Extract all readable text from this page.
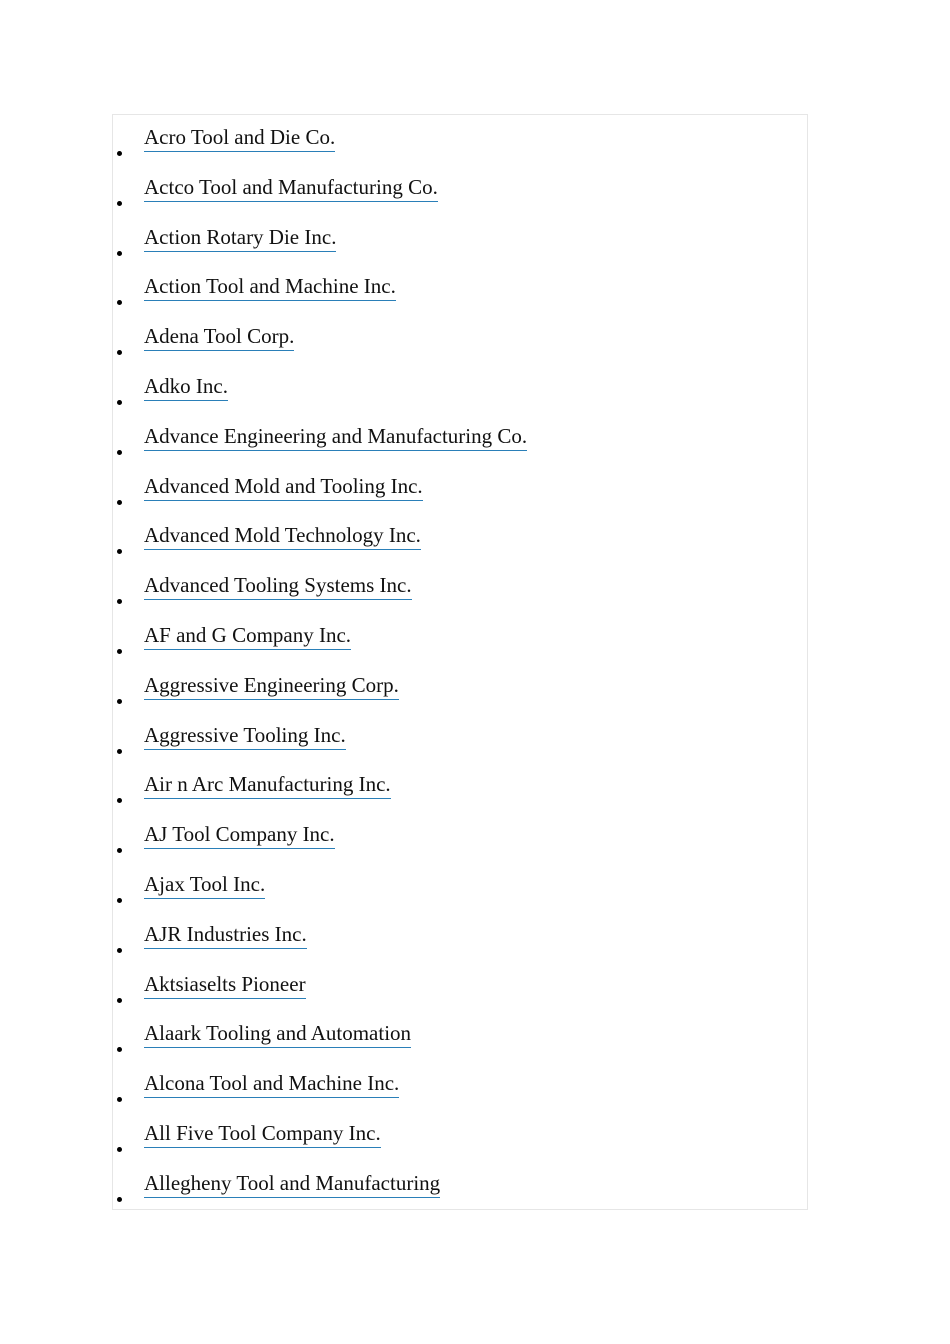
Acro Tool and Die Co.
Actco Tool and Manufacturing Co.
Action Rotary Die Inc.
Action Tool and Machine Inc.
Adena Tool Corp.
Adko Inc.
Advance Engineering and Manufacturing Co.
Advanced Mold and Tooling Inc.
Advanced Mold Technology Inc.
Advanced Tooling Systems Inc.
AF and G Company Inc.
Aggressive Engineering Corp.
Aggressive Tooling Inc.
Air n Arc Manufacturing Inc.
AJ Tool Company Inc.
Ajax Tool Inc.
AJR Industries Inc.
Aktsiaselts Pioneer
Alaark Tooling and Automation
Alcona Tool and Machine Inc.
All Five Tool Company Inc.
Allegheny Tool and Manufacturing
